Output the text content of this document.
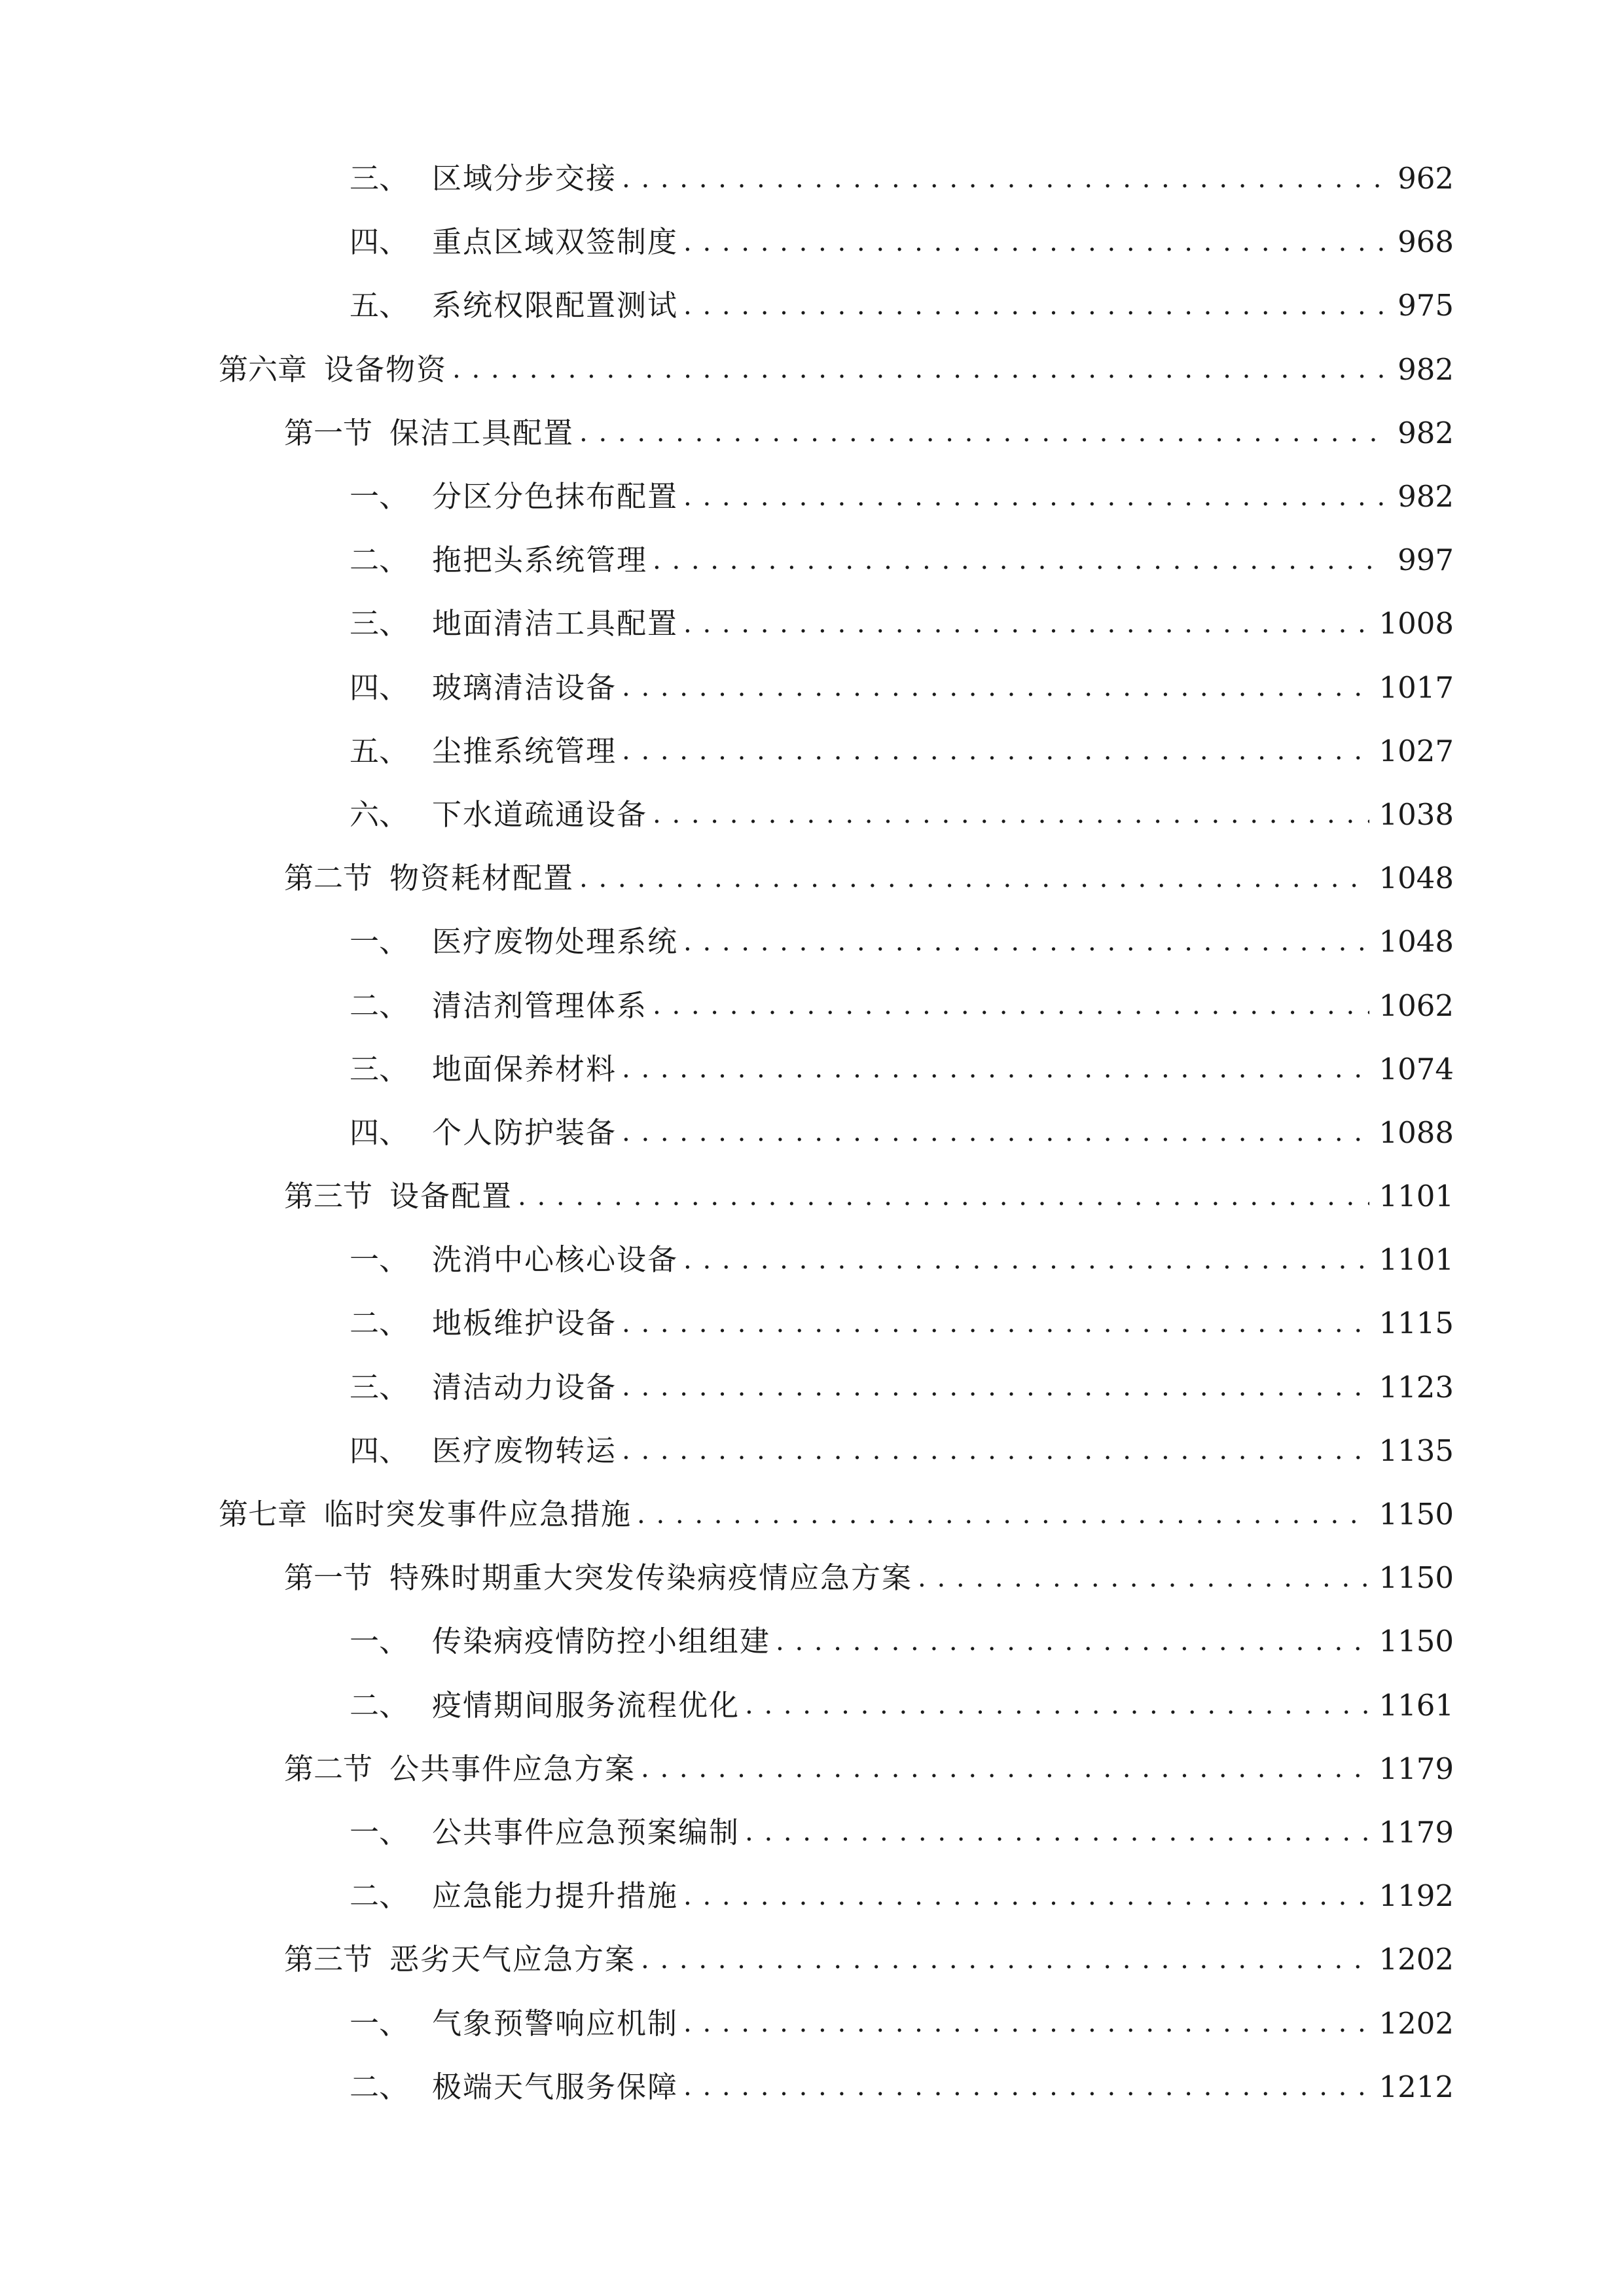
三、 区域分步交接 . . .	962
四、 重点区域双签制度 . . .	968
五、 系统权限配置测试 . . .	975
第六章 设备物资 . . .	982
第一节 保洁工具配置 . . .	982
一、 分区分色抹布配置 . . .	982
二、 拖把头系统管理 . . .	997
三、 地面清洁工具配置 . . .	1008
四、 玻璃清洁设备 . . .	1017
五、 尘推系统管理 . . .	1027
六、 下水道疏通设备 . . .	1038
第二节 物资耗材配置 . . .	1048
一、 医疗废物处理系统 . . .	1048
二、 清洁剂管理体系 . . .	1062
三、 地面保养材料 . . .	1074
四、 个人防护装备 . . .	1088
第三节 设备配置 . . .	1101
一、 洗消中心核心设备 . . .	1101
二、 地板维护设备 . . .	1115
三、 清洁动力设备 . . .	1123
四、 医疗废物转运 . . .	1135
第七章 临时突发事件应急措施 . . .	1150
第一节 特殊时期重大突发传染病疫情应急方案 . . .	1150
一、 传染病疫情防控小组组建 . . .	1150
二、 疫情期间服务流程优化 . . .	1161
第二节 公共事件应急方案 . . .	1179
一、 公共事件应急预案编制 . . .	1179
二、 应急能力提升措施 . . .	1192
第三节 恶劣天气应急方案 . . .	1202
一、 气象预警响应机制 . . .	1202
二、 极端天气服务保障 . . .	1212
